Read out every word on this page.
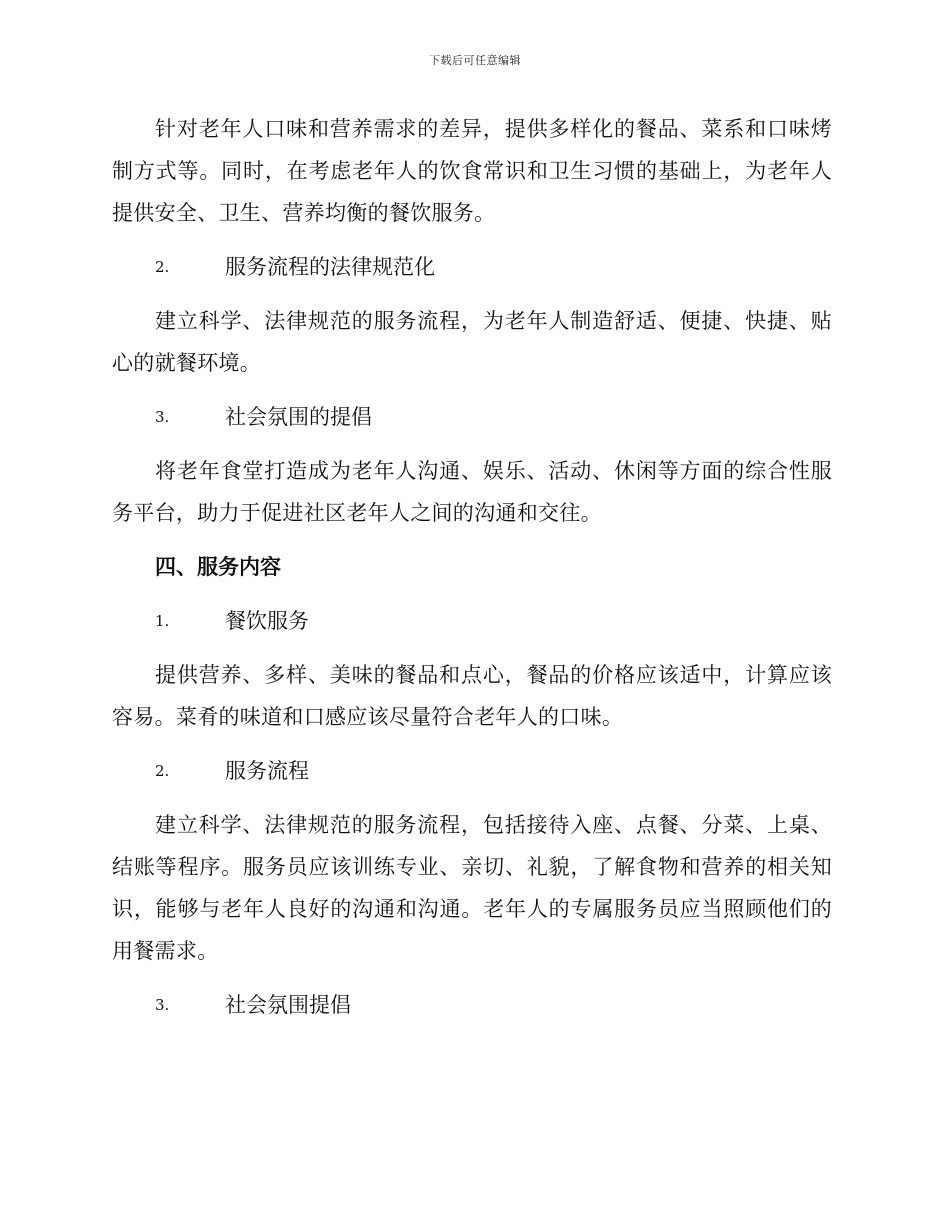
下载后可任意编辑

针对老年人口味和营养需求的差异，提供多样化的餐品、菜系和口味烤制方式等。同时，在考虑老年人的饮食常识和卫生习惯的基础上，为老年人提供安全、卫生、营养均衡的餐饮服务。

2.	服务流程的法律规范化

建立科学、法律规范的服务流程，为老年人制造舒适、便捷、快捷、贴心的就餐环境。

3.	社会氛围的提倡

将老年食堂打造成为老年人沟通、娱乐、活动、休闲等方面的综合性服务平台，助力于促进社区老年人之间的沟通和交往。

四、服务内容

1.	餐饮服务

提供营养、多样、美味的餐品和点心，餐品的价格应该适中，计算应该容易。菜肴的味道和口感应该尽量符合老年人的口味。

2.	服务流程

建立科学、法律规范的服务流程，包括接待入座、点餐、分菜、上桌、结账等程序。服务员应该训练专业、亲切、礼貌，了解食物和营养的相关知识，能够与老年人良好的沟通和沟通。老年人的专属服务员应当照顾他们的用餐需求。

3.	社会氛围提倡
